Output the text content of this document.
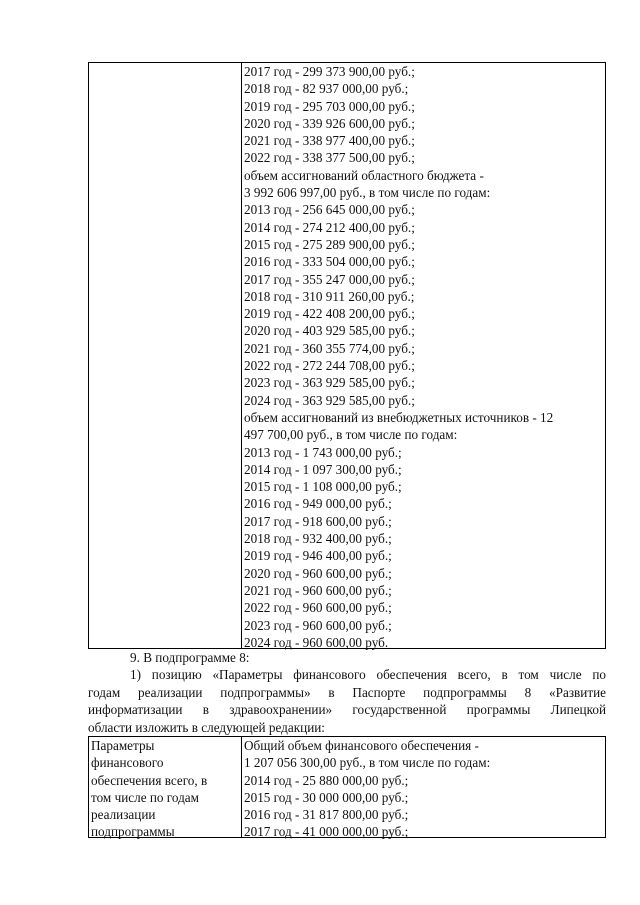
2017 год - 299 373 900,00 руб.;
2018 год - 82 937 000,00 руб.;
2019 год - 295 703 000,00 руб.;
2020 год - 339 926 600,00 руб.;
2021 год - 338 977 400,00 руб.;
2022 год - 338 377 500,00 руб.;
объем ассигнований областного бюджета -
3 992 606 997,00 руб., в том числе по годам:
2013 год - 256 645 000,00 руб.;
2014 год - 274 212 400,00 руб.;
2015 год - 275 289 900,00 руб.;
2016 год - 333 504 000,00 руб.;
2017 год - 355 247 000,00 руб.;
2018 год - 310 911 260,00 руб.;
2019 год - 422 408 200,00 руб.;
2020 год - 403 929 585,00 руб.;
2021 год - 360 355 774,00 руб.;
2022 год - 272 244 708,00 руб.;
2023 год - 363 929 585,00 руб.;
2024 год - 363 929 585,00 руб.;
объем ассигнований из внебюджетных источников - 12
497 700,00 руб., в том числе по годам:
2013 год - 1 743 000,00 руб.;
2014 год - 1 097 300,00 руб.;
2015 год - 1 108 000,00 руб.;
2016 год - 949 000,00 руб.;
2017 год - 918 600,00 руб.;
2018 год - 932 400,00 руб.;
2019 год - 946 400,00 руб.;
2020 год - 960 600,00 руб.;
2021 год - 960 600,00 руб.;
2022 год - 960 600,00 руб.;
2023 год - 960 600,00 руб.;
2024 год - 960 600,00 руб.
9. В подпрограмме 8:
1) позицию «Параметры финансового обеспечения всего, в том числе по
годам реализации подпрограммы» в Паспорте подпрограммы 8 «Развитие
информатизации в здравоохранении» государственной программы Липецкой
области изложить в следующей редакции:
Параметры
финансового
обеспечения всего, в
том числе по годам
реализации
подпрограммы
Общий объем финансового обеспечения -
1 207 056 300,00 руб., в том числе по годам:
2014 год - 25 880 000,00 руб.;
2015 год - 30 000 000,00 руб.;
2016 год - 31 817 800,00 руб.;
2017 год - 41 000 000,00 руб.;
